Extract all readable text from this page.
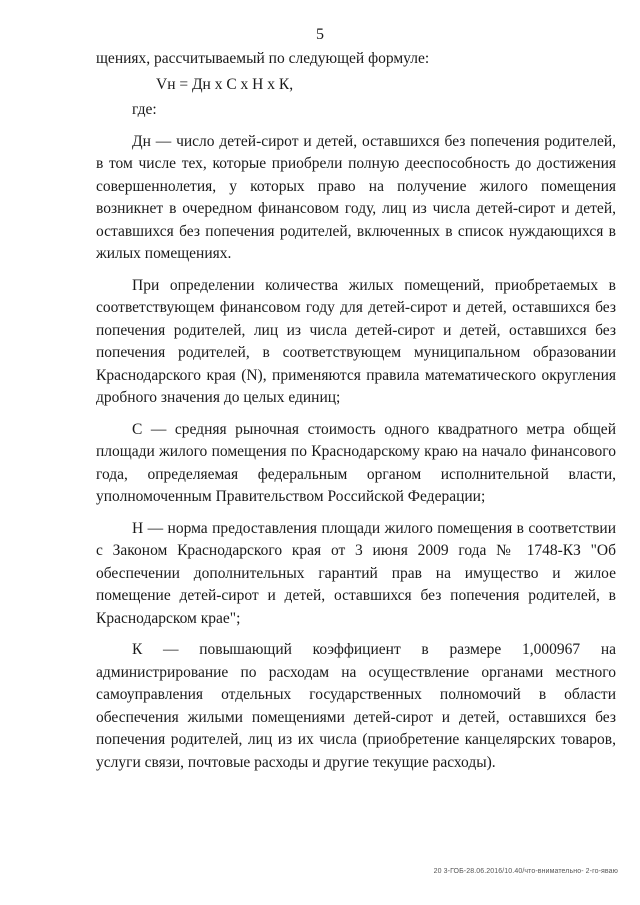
5

щениях, рассчитываемый по следующей формуле:

Vн = Дн х С х Н х К,

где:

Дн — число детей-сирот и детей, оставшихся без попечения родителей, в том числе тех, которые приобрели полную дееспособность до достижения совершеннолетия, у которых право на получение жилого помещения возникнет в очередном финансовом году, лиц из числа детей-сирот и детей, оставшихся без попечения родителей, включенных в список нуждающихся в жилых помещениях.

При определении количества жилых помещений, приобретаемых в соответствующем финансовом году для детей-сирот и детей, оставшихся без попечения родителей, лиц из числа детей-сирот и детей, оставшихся без попечения родителей, в соответствующем муниципальном образовании Краснодарского края (N), применяются правила математического округления дробного значения до целых единиц;

С — средняя рыночная стоимость одного квадратного метра общей площади жилого помещения по Краснодарскому краю на начало финансового года, определяемая федеральным органом исполнительной власти, уполномоченным Правительством Российской Федерации;

Н — норма предоставления площади жилого помещения в соответствии с Законом Краснодарского края от 3 июня 2009 года № 1748-КЗ "Об обеспечении дополнительных гарантий прав на имущество и жилое помещение детей-сирот и детей, оставшихся без попечения родителей, в Краснодарском крае";

К — повышающий коэффициент в размере 1,000967 на администрирование по расходам на осуществление органами местного самоуправления отдельных государственных полномочий в области обеспечения жилыми помещениями детей-сирот и детей, оставшихся без попечения родителей, лиц из их числа (приобретение канцелярских товаров, услуги связи, почтовые расходы и другие текущие расходы).

20 3-ГОБ-28.06.2016/10.40/что-внимательно- 2-го-яваю
